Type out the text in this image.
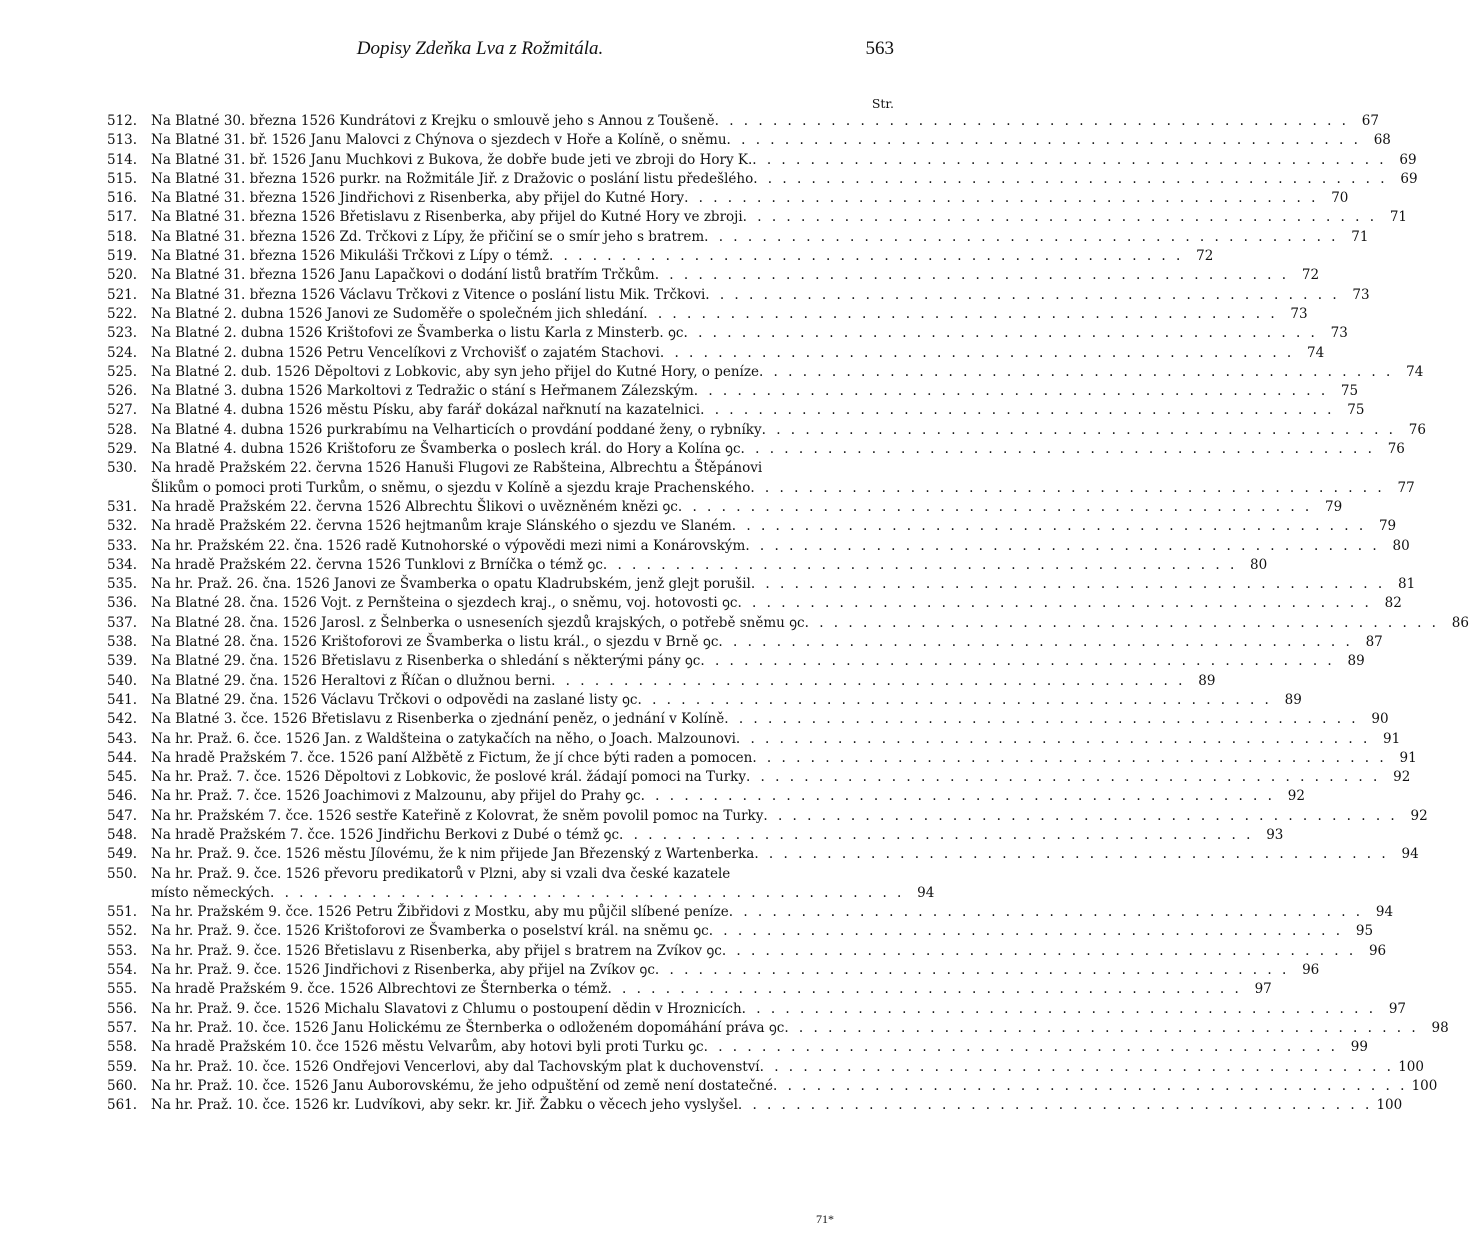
Dopisy Zdeňka Lva z Rožmitála.	563
Str.
512.	Na Blatné 30. března 1526 Kundrátovi z Krejku o smlouvě jeho s Annou z Toušeně . . .	67
513.	Na Blatné 31. bř. 1526 Janu Malovci z Chýnova o sjezdech v Hoře a Kolíně, o sněmu . . .	68
514.	Na Blatné 31. bř. 1526 Janu Muchkovi z Bukova, že dobře bude jeti ve zbroji do Hory K. . . .	69
515.	Na Blatné 31. března 1526 purkr. na Rožmitále Jiř. z Dražovic o poslání listu předešlého . . .	69
516.	Na Blatné 31. března 1526 Jindřichovi z Risenberka, aby přijel do Kutné Hory . . .	70
517.	Na Blatné 31. března 1526 Břetislavu z Risenberka, aby přijel do Kutné Hory ve zbroji . . .	71
518.	Na Blatné 31. března 1526 Zd. Trčkovi z Lípy, že přičiní se o smír jeho s bratrem . . .	71
519.	Na Blatné 31. března 1526 Mikuláši Trčkovi z Lípy o témž . . .	72
520.	Na Blatné 31. března 1526 Janu Lapačkovi o dodání listů bratřím Trčkům . . .	72
521.	Na Blatné 31. března 1526 Václavu Trčkovi z Vitence o poslání listu Mik. Trčkovi . . .	73
522.	Na Blatné 2. dubna 1526 Janovi ze Sudoměře o společném jich shledání . . .	73
523.	Na Blatné 2. dubna 1526 Krištofovi ze Švamberka o listu Karla z Minsterb. ꝯc . . .	73
524.	Na Blatné 2. dubna 1526 Petru Vencelíkovi z Vrchovišť o zajatém Stachovi . . .	74
525.	Na Blatné 2. dub. 1526 Děpoltovi z Lobkovic, aby syn jeho přijel do Kutné Hory, o peníze . . .	74
526.	Na Blatné 3. dubna 1526 Markoltovi z Tedražic o stání s Heřmanem Zálezským . . .	75
527.	Na Blatné 4. dubna 1526 městu Písku, aby farář dokázal nařknutí na kazatelnici . . .	75
528.	Na Blatné 4. dubna 1526 purkrabímu na Velharticích o provdání poddané ženy, o rybníky . . .	76
529.	Na Blatné 4. dubna 1526 Krištoforu ze Švamberka o poslech král. do Hory a Kolína ꝯc . . .	76
530.	Na hradě Pražském 22. června 1526 Hanuši Flugovi ze Rabšteina, Albrechtu a Štěpánovi
Šlikům o pomoci proti Turkům, o sněmu, o sjezdu v Kolíně a sjezdu kraje Prachenského . . .	77
531.	Na hradě Pražském 22. června 1526 Albrechtu Šlikovi o uvězněném knězi ꝯc . . .	79
532.	Na hradě Pražském 22. června 1526 hejtmanům kraje Slánského o sjezdu ve Slaném . . .	79
533.	Na hr. Pražském 22. čna. 1526 radě Kutnohorské o výpovědi mezi nimi a Konárovským . . .	80
534.	Na hradě Pražském 22. června 1526 Tunklovi z Brníčka o témž ꝯc . . .	80
535.	Na hr. Praž. 26. čna. 1526 Janovi ze Švamberka o opatu Kladrubském, jenž glejt porušil . . .	81
536.	Na Blatné 28. čna. 1526 Vojt. z Pernšteina o sjezdech kraj., o sněmu, voj. hotovosti ꝯc . . .	82
537.	Na Blatné 28. čna. 1526 Jarosl. z Šelnberka o usneseních sjezdů krajských, o potřebě sněmu ꝯc . . .	86
538.	Na Blatné 28. čna. 1526 Krištoforovi ze Švamberka o listu král., o sjezdu v Brně ꝯc . . .	87
539.	Na Blatné 29. čna. 1526 Břetislavu z Risenberka o shledání s některými pány ꝯc . . .	89
540.	Na Blatné 29. čna. 1526 Heraltovi z Říčan o dlužnou berni . . .	89
541.	Na Blatné 29. čna. 1526 Václavu Trčkovi o odpovědi na zaslané listy ꝯc . . .	89
542.	Na Blatné 3. čce. 1526 Břetislavu z Risenberka o zjednání peněz, o jednání v Kolíně . . .	90
543.	Na hr. Praž. 6. čce. 1526 Jan. z Waldšteina o zatykačích na něho, o Joach. Malzounovi . . .	91
544.	Na hradě Pražském 7. čce. 1526 paní Alžbětě z Fictum, že jí chce býti raden a pomocen . . .	91
545.	Na hr. Praž. 7. čce. 1526 Děpoltovi z Lobkovic, že poslové král. žádají pomoci na Turky . . .	92
546.	Na hr. Praž. 7. čce. 1526 Joachimovi z Malzounu, aby přijel do Prahy ꝯc . . .	92
547.	Na hr. Pražském 7. čce. 1526 sestře Kateřině z Kolovrat, že sněm povolil pomoc na Turky . . .	92
548.	Na hradě Pražském 7. čce. 1526 Jindřichu Berkovi z Dubé o témž ꝯc . . .	93
549.	Na hr. Praž. 9. čce. 1526 městu Jílovému, že k nim přijede Jan Březenský z Wartenberka . . .	94
550.	Na hr. Praž. 9. čce. 1526 převoru predikatorů v Plzni, aby si vzali dva české kazatele
místo německých . . .	94
551.	Na hr. Pražském 9. čce. 1526 Petru Žibřidovi z Mostku, aby mu půjčil slíbené peníze . . .	94
552.	Na hr. Praž. 9. čce. 1526 Krištoforovi ze Švamberka o poselství král. na sněmu ꝯc . . .	95
553.	Na hr. Praž. 9. čce. 1526 Břetislavu z Risenberka, aby přijel s bratrem na Zvíkov ꝯc . . .	96
554.	Na hr. Praž. 9. čce. 1526 Jindřichovi z Risenberka, aby přijel na Zvíkov ꝯc . . .	96
555.	Na hradě Pražském 9. čce. 1526 Albrechtovi ze Šternberka o témž . . .	97
556.	Na hr. Praž. 9. čce. 1526 Michalu Slavatovi z Chlumu o postoupení dědin v Hroznicích . . .	97
557.	Na hr. Praž. 10. čce. 1526 Janu Holickému ze Šternberka o odloženém dopomáhání práva ꝯc . . .	98
558.	Na hradě Pražském 10. čce 1526 městu Velvarům, aby hotovi byli proti Turku ꝯc . . .	99
559.	Na hr. Praž. 10. čce. 1526 Ondřejovi Vencerlovi, aby dal Tachovským plat k duchovenství . . .	100
560.	Na hr. Praž. 10. čce. 1526 Janu Auborovskému, že jeho odpuštění od země není dostatečné . . .	100
561.	Na hr. Praž. 10. čce. 1526 kr. Ludvíkovi, aby sekr. kr. Jiř. Žabku o věcech jeho vyslyšel . . .	100
71*
